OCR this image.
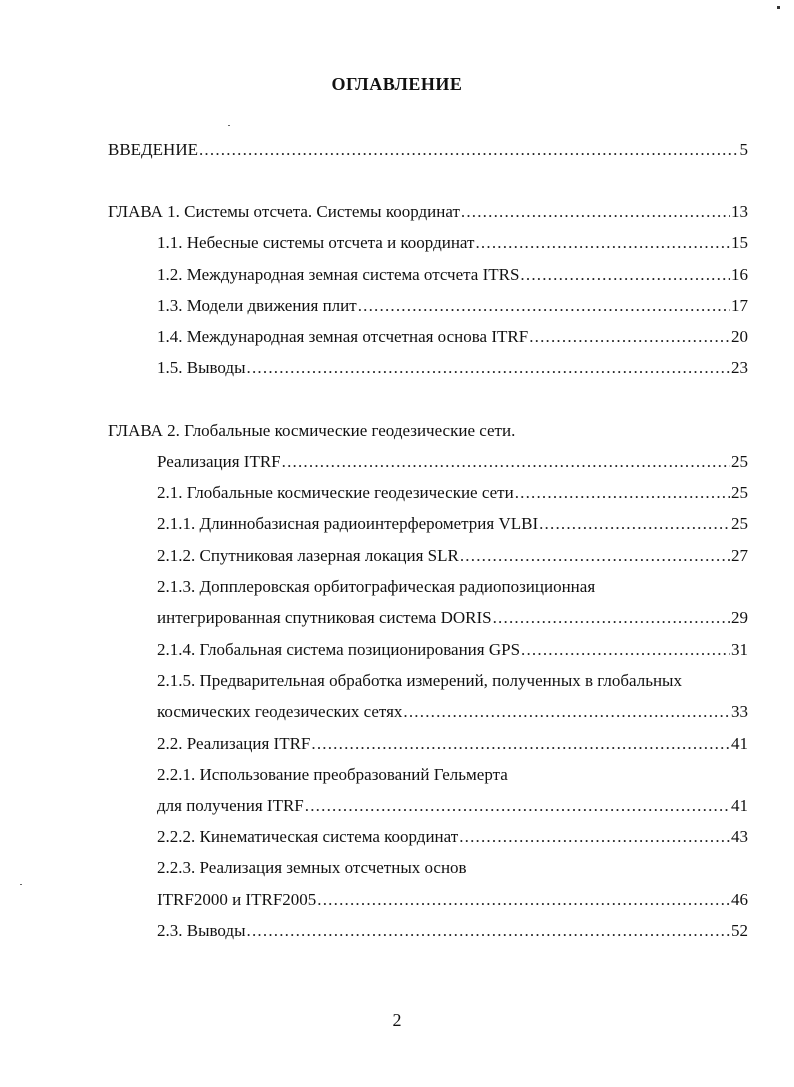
ОГЛАВЛЕНИЕ
ВВЕДЕНИЕ .....	5
ГЛАВА 1. Системы отсчета. Системы координат .....	13
1.1. Небесные системы отсчета и координат .....	15
1.2. Международная земная система отсчета ITRS .....	16
1.3. Модели движения плит .....	17
1.4. Международная земная отсчетная основа ITRF .....	20
1.5. Выводы .....	23
ГЛАВА 2. Глобальные космические геодезические сети.
Реализация ITRF .....	25
2.1. Глобальные космические геодезические сети .....	25
2.1.1. Длиннобазисная радиоинтерферометрия VLBI .....	25
2.1.2. Спутниковая лазерная локация SLR .....	27
2.1.3. Допплеровская орбитографическая радиопозиционная
интегрированная спутниковая система DORIS .....	29
2.1.4. Глобальная система позиционирования GPS .....	31
2.1.5. Предварительная обработка измерений, полученных в глобальных
космических геодезических сетях .....	33
2.2. Реализация ITRF .....	41
2.2.1. Использование преобразований Гельмерта
для получения ITRF .....	41
2.2.2. Кинематическая система координат .....	43
2.2.3. Реализация земных отсчетных основ
ITRF2000 и ITRF2005 .....	46
2.3. Выводы .....	52
2
